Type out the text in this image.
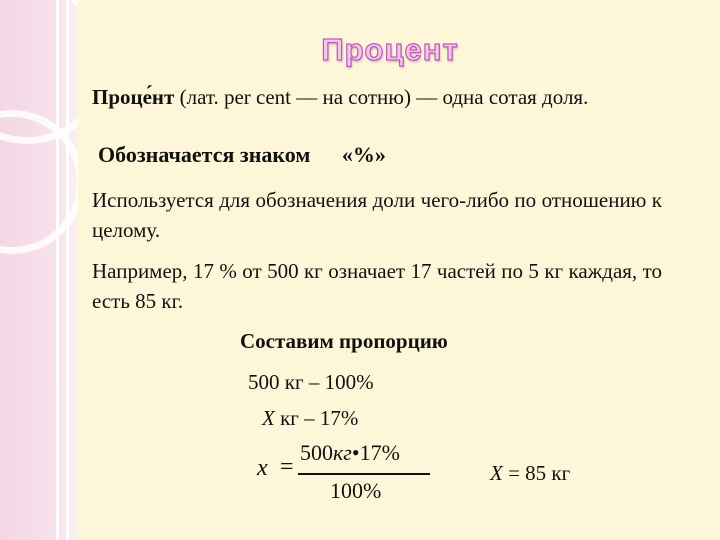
Процент
Проце́нт (лат. per cent — на сотню) — одна сотая доля.
Обозначается знаком «%»
Используется для обозначения доли чего-либо по отношению к целому.
Например, 17 % от 500 кг означает 17 частей по 5 кг каждая, то есть 85 кг.
Составим пропорцию
500 кг – 100%
Х кг – 17%
x =
500кг•17%
100%
Х = 85 кг
